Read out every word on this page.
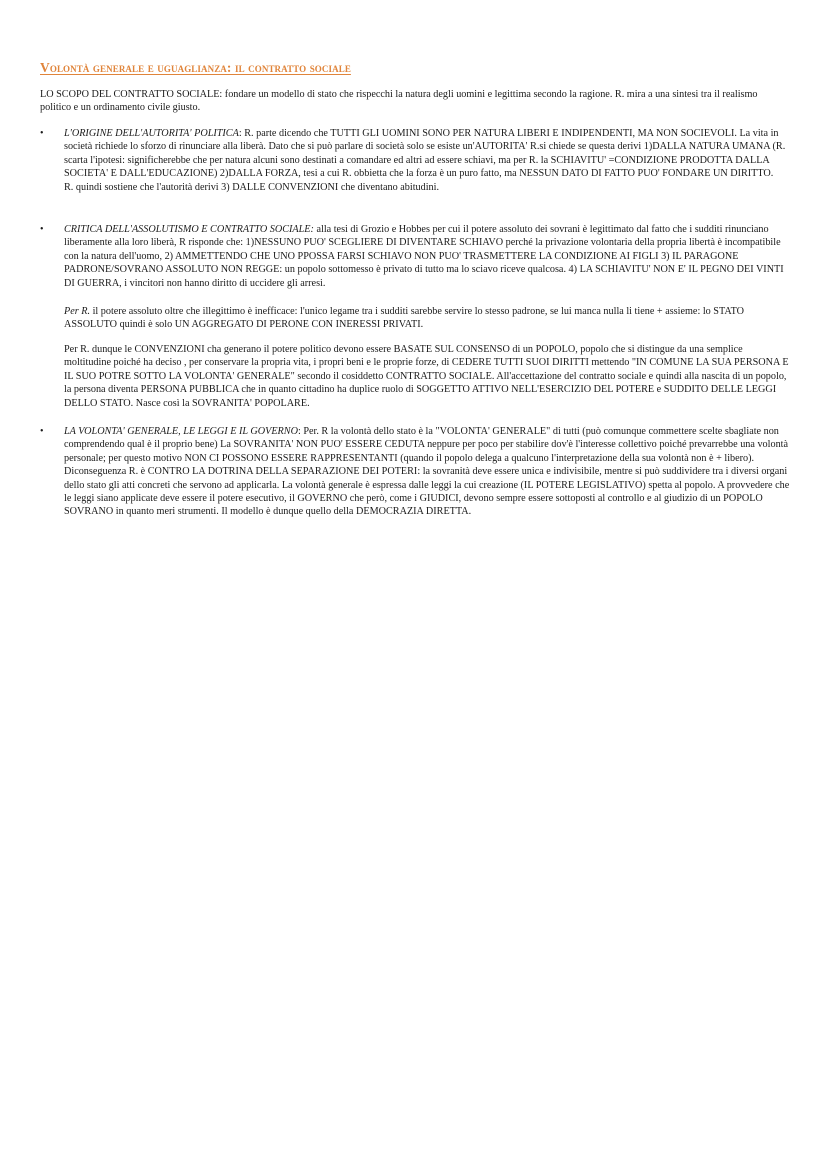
Volontà generale e uguaglianza: il contratto sociale
LO SCOPO DEL CONTRATTO SOCIALE: fondare un modello di stato che rispecchi la natura degli uomini e legittima secondo la ragione. R. mira a una sintesi tra il realismo politico e un ordinamento civile giusto.
•	L'ORIGINE DELL'AUTORITA' POLITICA: R. parte dicendo che TUTTI GLI UOMINI SONO PER NATURA LIBERI E INDIPENDENTI, MA NON SOCIEVOLI. La vita in società richiede lo sforzo di rinunciare alla liberà. Dato che si può parlare di società solo se esiste un'AUTORITA' R.si chiede se questa derivi 1)DALLA NATURA UMANA (R. scarta l'ipotesi: significherebbe che per natura alcuni sono destinati a comandare ed altri ad essere schiavi, ma per R. la SCHIAVITU' =CONDIZIONE PRODOTTA DALLA SOCIETA' E DALL'EDUCAZIONE) 2)DALLA FORZA, tesi a cui R. obbietta che la forza è un puro fatto, ma NESSUN DATO DI FATTO PUO' FONDARE UN DIRITTO.
R. quindi sostiene che l'autorità derivi 3) DALLE CONVENZIONI che diventano abitudini.
•	CRITICA DELL'ASSOLUTISMO E CONTRATTO SOCIALE: alla tesi di Grozio e Hobbes per cui il potere assoluto dei sovrani è legittimato dal fatto che i sudditi rinunciano liberamente alla loro liberà, R risponde che: 1)NESSUNO PUO' SCEGLIERE DI DIVENTARE SCHIAVO perché la privazione volontaria della propria libertà è incompatibile con la natura dell'uomo, 2) AMMETTENDO CHE UNO PPOSSA FARSI SCHIAVO NON PUO' TRASMETTERE LA CONDIZIONE AI FIGLI 3) IL PARAGONE PADRONE/SOVRANO ASSOLUTO NON REGGE: un popolo sottomesso è privato di tutto ma lo sciavo riceve qualcosa. 4) LA SCHIAVITU' NON E' IL PEGNO DEI VINTI DI GUERRA, i vincitori non hanno diritto di uccidere gli arresi.
Per R. il potere assoluto oltre che illegittimo è inefficace: l'unico legame tra i sudditi sarebbe servire lo stesso padrone, se lui manca nulla li tiene + assieme: lo STATO ASSOLUTO quindi è solo UN AGGREGATO DI PERONE CON INERESSI PRIVATI.
Per R. dunque le CONVENZIONI cha generano il potere politico devono essere BASATE SUL CONSENSO di un POPOLO, popolo che si distingue da una semplice moltitudine poiché ha deciso , per conservare la propria vita, i propri beni e le proprie forze, di CEDERE TUTTI SUOI DIRITTI mettendo "IN COMUNE LA SUA PERSONA E IL SUO POTRE SOTTO LA VOLONTA' GENERALE" secondo il cosiddetto CONTRATTO SOCIALE. All'accettazione del contratto sociale e quindi alla nascita di un popolo, la persona diventa PERSONA PUBBLICA che in quanto cittadino ha duplice ruolo di SOGGETTO ATTIVO NELL'ESERCIZIO DEL POTERE e SUDDITO DELLE LEGGI DELLO STATO. Nasce così la SOVRANITA' POPOLARE.
•	LA VOLONTA' GENERALE, LE LEGGI E IL GOVERNO: Per. R la volontà dello stato è la "VOLONTA' GENERALE" di tutti (può comunque commettere scelte sbagliate non comprendendo qual è il proprio bene) La SOVRANITA' NON PUO' ESSERE CEDUTA neppure per poco per stabilire dov'è l'interesse collettivo poiché prevarrebbe una volontà personale; per questo motivo NON CI POSSONO ESSERE RAPPRESENTANTI (quando il popolo delega a qualcuno l'interpretazione della sua volontà non è + libero). Diconseguenza R. è CONTRO LA DOTRINA DELLA SEPARAZIONE DEI POTERI: la sovranità deve essere unica e indivisibile, mentre si può suddividere tra i diversi organi dello stato gli atti concreti che servono ad applicarla. La volontà generale è espressa dalle leggi la cui creazione (IL POTERE LEGISLATIVO) spetta al popolo. A provvedere che le leggi siano applicate deve essere il potere esecutivo, il GOVERNO che però, come i GIUDICI, devono sempre essere sottoposti al controllo e al giudizio di un POPOLO SOVRANO in quanto meri strumenti. Il modello è dunque quello della DEMOCRAZIA DIRETTA.
